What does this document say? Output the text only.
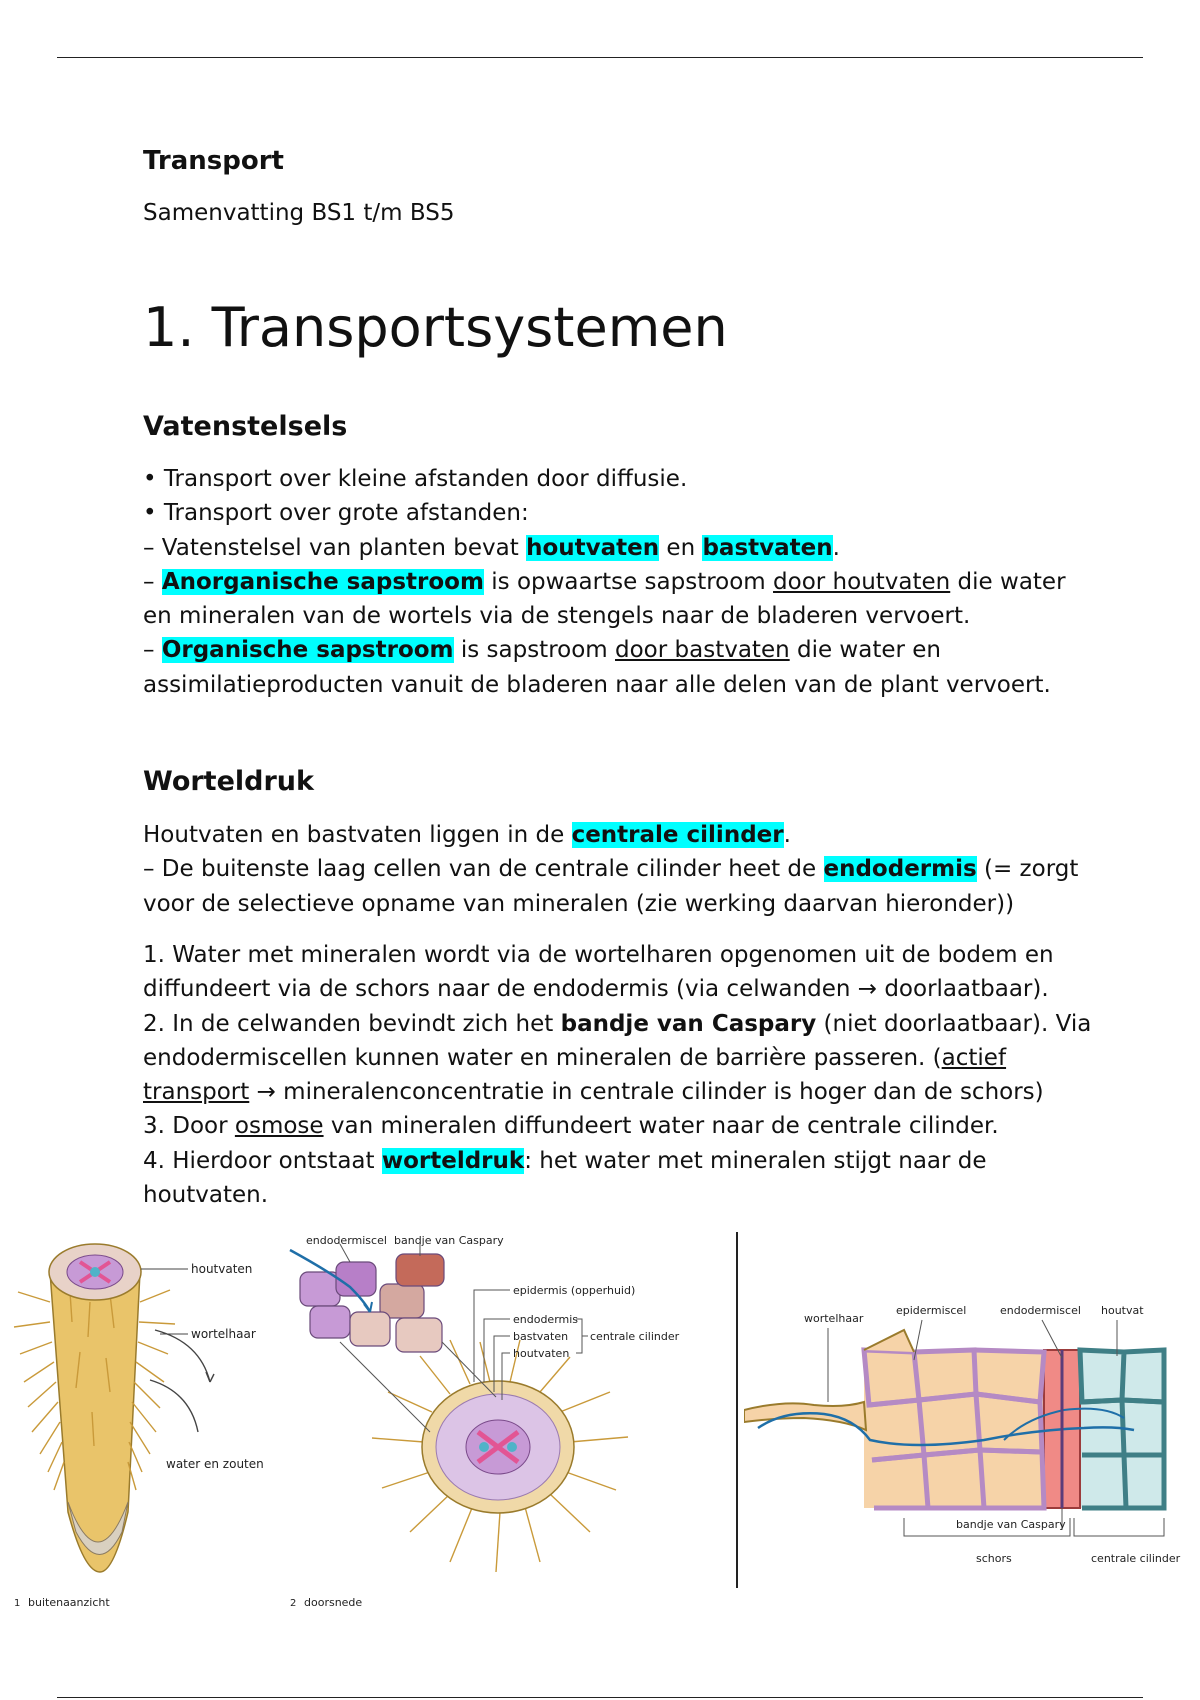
Transport
Samenvatting BS1 t/m BS5
1. Transportsystemen
Vatenstelsels

• Transport over kleine afstanden door diffusie.

• Transport over grote afstanden:

– Vatenstelsel van planten bevat houtvaten en bastvaten.

– Anorganische sapstroom is opwaartse sapstroom door houtvaten die water

en mineralen van de wortels via de stengels naar de bladeren vervoert.

– Organische sapstroom is sapstroom door bastvaten die water en

assimilatieproducten vanuit de bladeren naar alle delen van de plant vervoert.

Worteldruk

Houtvaten en bastvaten liggen in de centrale cilinder.

– De buitenste laag cellen van de centrale cilinder heet de endodermis (= zorgt

voor de selectieve opname van mineralen (zie werking daarvan hieronder))

1. Water met mineralen wordt via de wortelharen opgenomen uit de bodem en

diffundeert via de schors naar de endodermis (via celwanden → doorlaatbaar).

2. In de celwanden bevindt zich het bandje van Caspary (niet doorlaatbaar). Via

endodermiscellen kunnen water en mineralen de barrière passeren. (actief

transport → mineralenconcentratie in centrale cilinder is hoger dan de schors)

3. Door osmose van mineralen diffundeert water naar de centrale cilinder.

4. Hierdoor ontstaat worteldruk: het water met mineralen stijgt naar de

houtvaten.

houtvaten
wortelhaar
water en zouten
1 buitenaanzicht
endodermiscel bandje van Caspary
epidermis (opperhuid)
endodermis
bastvaten
houtvaten
centrale cilinder
2 doorsnede
wortelhaar
epidermiscel	endodermiscel houtvat
bandje van Caspary
schors	centrale cilinder
